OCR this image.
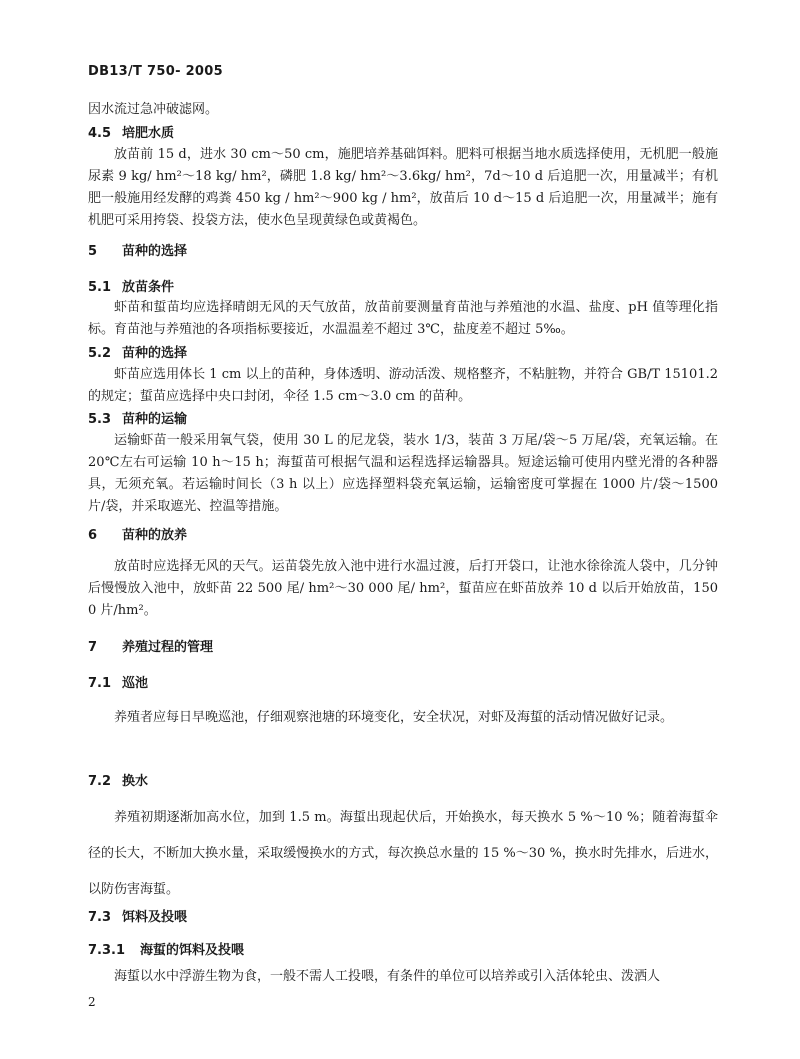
DB13/T 750- 2005
因水流过急冲破滤网。
4.5 培肥水质
放苗前 15 d，进水 30 cm～50 cm，施肥培养基础饵料。肥料可根据当地水质选择使用，无机肥一般施尿素 9 kg/ hm²～18 kg/ hm²，磷肥 1.8 kg/ hm²～3.6kg/ hm²，7d～10 d 后追肥一次，用量减半；有机肥一般施用经发酵的鸡粪 450 kg / hm²～900 kg / hm²，放苗后 10 d～15 d 后追肥一次，用量减半；施有机肥可采用挎袋、投袋方法，使水色呈现黄绿色或黄褐色。
5 苗种的选择
5.1 放苗条件
虾苗和蜇苗均应选择晴朗无风的天气放苗，放苗前要测量育苗池与养殖池的水温、盐度、pH 值等理化指标。育苗池与养殖池的各项指标要接近，水温温差不超过 3℃，盐度差不超过 5‰。
5.2 苗种的选择
虾苗应选用体长 1 cm 以上的苗种，身体透明、游动活泼、规格整齐，不粘脏物，并符合 GB/T 15101.2 的规定；蜇苗应选择中央口封闭，伞径 1.5 cm～3.0 cm 的苗种。
5.3 苗种的运输
运输虾苗一般采用氧气袋，使用 30 L 的尼龙袋，装水 1/3，装苗 3 万尾/袋～5 万尾/袋，充氧运输。在 20℃左右可运输 10 h～15 h；海蜇苗可根据气温和运程选择运输器具。短途运输可使用内壁光滑的各种器具，无须充氧。若运输时间长（3 h 以上）应选择塑料袋充氧运输，运输密度可掌握在 1000 片/袋～1500 片/袋，并采取遮光、控温等措施。
6 苗种的放养
放苗时应选择无风的天气。运苗袋先放入池中进行水温过渡，后打开袋口，让池水徐徐流人袋中，几分钟后慢慢放入池中，放虾苗 22 500 尾/ hm²～30 000 尾/ hm²，蜇苗应在虾苗放养 10 d 以后开始放苗，1500 片/hm²。
7 养殖过程的管理
7.1 巡池
养殖者应每日早晚巡池，仔细观察池塘的环境变化，安全状况，对虾及海蜇的活动情况做好记录。
7.2 换水
养殖初期逐渐加高水位，加到 1.5 m。海蜇出现起伏后，开始换水，每天换水 5 %～10 %；随着海蜇伞径的长大，不断加大换水量，采取缓慢换水的方式，每次换总水量的 15 %～30 %，换水时先排水，后进水，以防伤害海蜇。
7.3 饵料及投喂
7.3.1 海蜇的饵料及投喂
海蜇以水中浮游生物为食，一般不需人工投喂，有条件的单位可以培养或引入活体轮虫、泼洒人
2
